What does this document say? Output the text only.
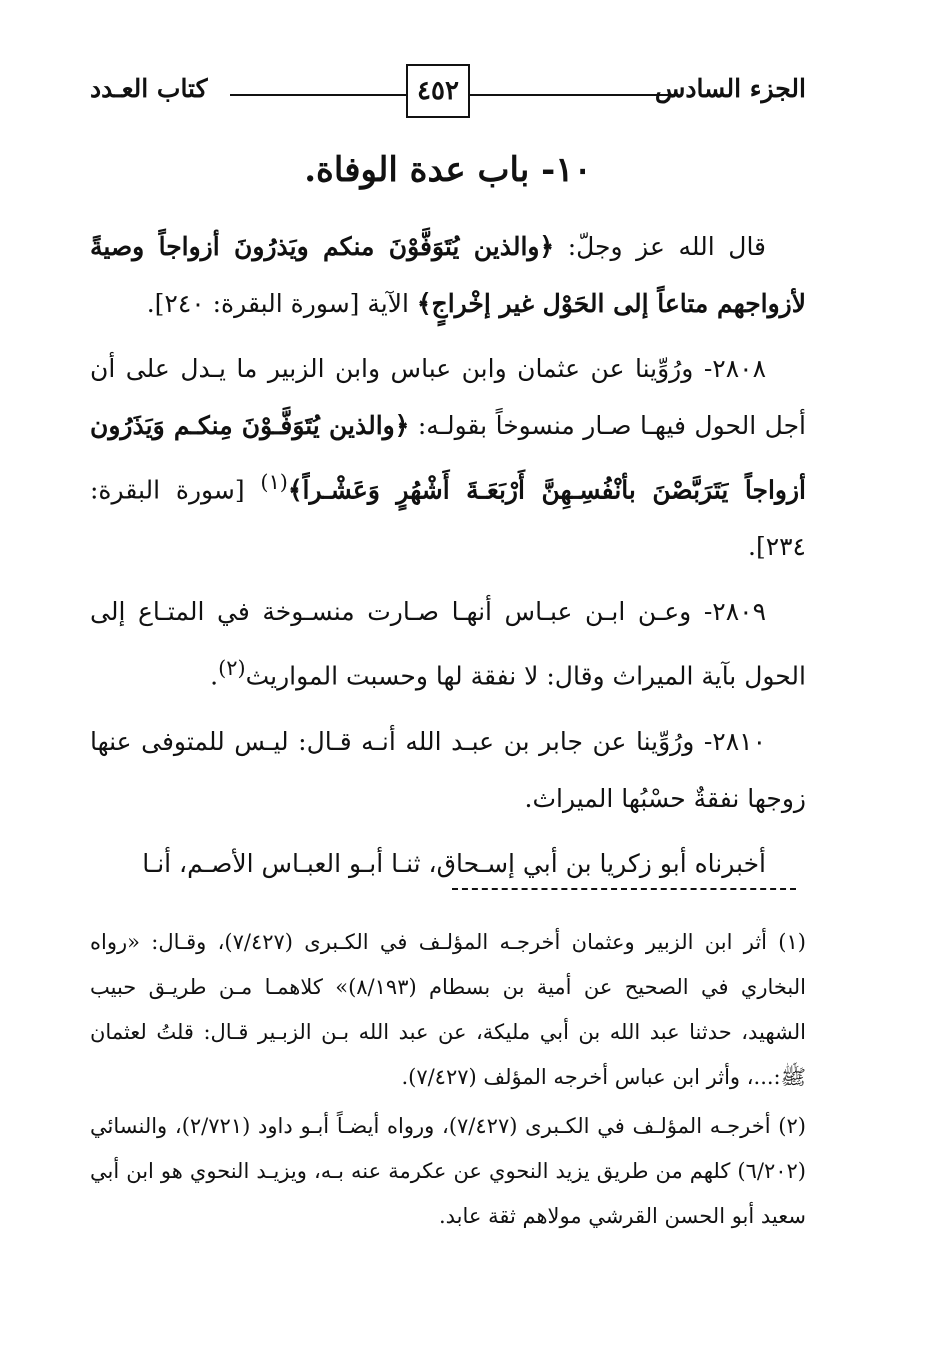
الجزء السادس
٤٥٢
كتاب العـدد
١٠- باب عدة الوفاة.

قال الله عز وجلّ: ﴿والذين يُتَوَفَّوْنَ منكم ويَذرُونَ أزواجاً وصيةً لأزواجهم متاعاً إلى الحَوْل غير إخْراجٍ﴾ الآية [سورة البقرة: ٢٤٠].

٢٨٠٨- ورُوِّينا عن عثمان وابن عباس وابن الزبير ما يـدل على أن أجل الحول فيهـا صـار منسوخاً بقولـه: ﴿والذين يُتَوَفَّـوْنَ مِنكـم وَيَذَرُون أزواجاً يَتَرَبَّصْنَ بأنْفُسِـهِنَّ أَرْبَعَـةَ أَشْهُرٍ وَعَشْـراً﴾$^{(١)}$ [سورة البقرة: ٢٣٤].

٢٨٠٩- وعـن ابـن عبـاس أنهـا صـارت منسـوخة في المتـاع إلى الحول بآية الميراث وقال: لا نفقة لها وحسبت المواريث$^{(٢)}$.

٢٨١٠- ورُوِّينا عن جابر بن عبـد الله أنـه قـال: ليـس للمتوفى عنها زوجها نفقةٌ حسْبُها الميراث.

أخبرناه أبو زكريا بن أبي إسـحاق، ثنـا أبـو العبـاس الأصـم، أنـا

(١) أثر ابن الزبير وعثمان أخرجـه المؤلـف في الكـبرى (٧/٤٢٧)، وقـال: «رواه البخاري في الصحيح عن أمية بن بسطام (٨/١٩٣)» كلاهمـا مـن طريـق حبيب الشهيد، حدثنا عبد الله بن أبي مليكة، عن عبد الله بـن الزبـير قـال: قلتُ لعثمان ﷺ:...، وأثر ابن عباس أخرجه المؤلف (٧/٤٢٧).

(٢) أخرجـه المؤلـف في الكـبرى (٧/٤٢٧)، ورواه أيضـاً أبـو داود (٢/٧٢١)، والنسائي (٦/٢٠٢) كلهم من طريق يزيد النحوي عن عكرمة عنه بـه، ويزيـد النحوي هو ابن أبي سعيد أبو الحسن القرشي مولاهم ثقة عابد.
